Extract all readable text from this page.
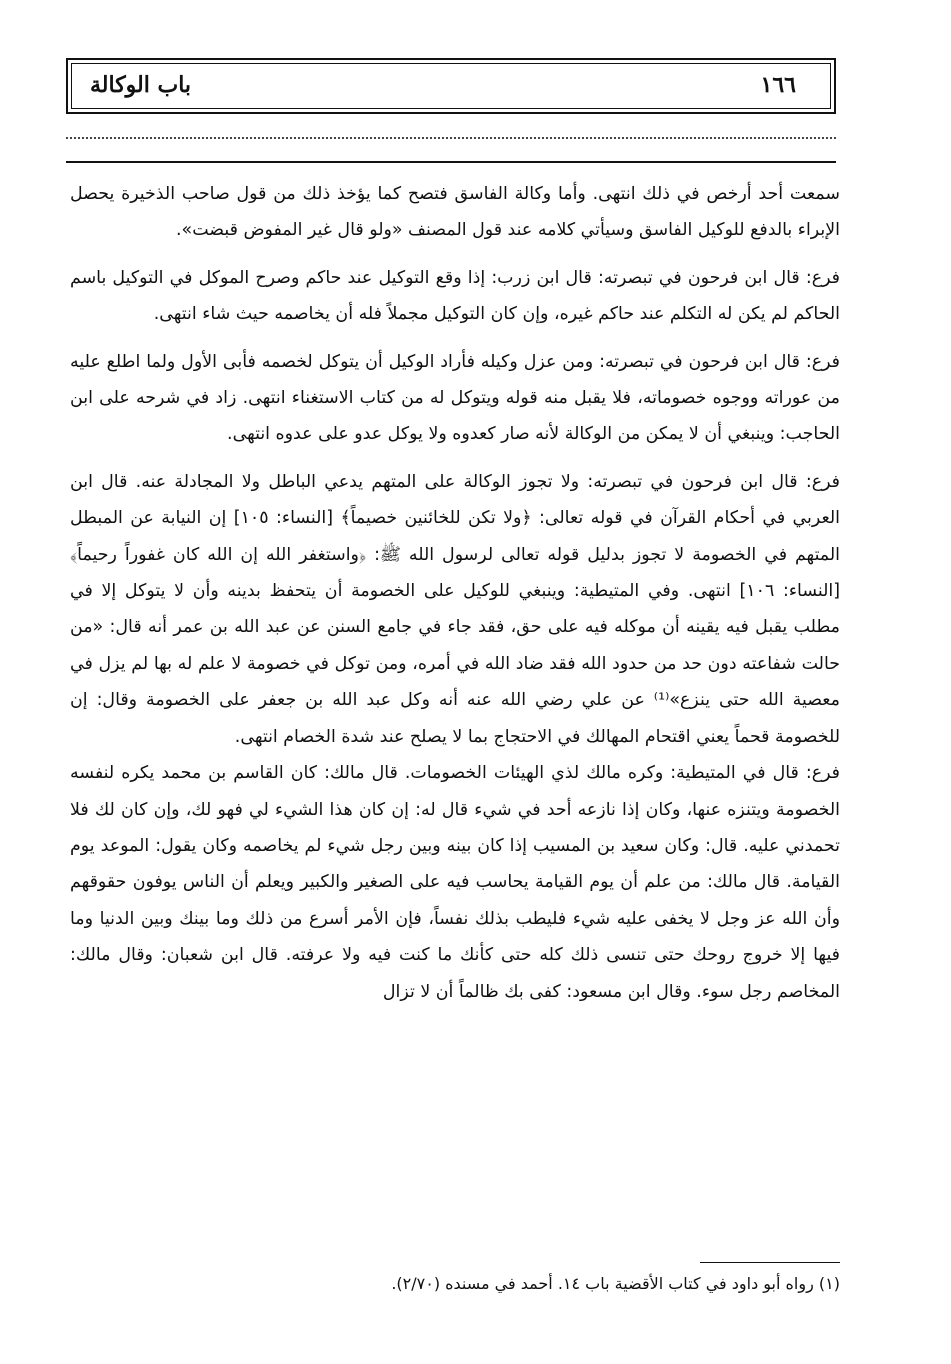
١٦٦
باب الوكالة

سمعت أحد أرخص في ذلك انتهى. وأما وكالة الفاسق فتصح كما يؤخذ ذلك من قول صاحب الذخيرة يحصل الإبراء بالدفع للوكيل الفاسق وسيأتي كلامه عند قول المصنف «ولو قال غير المفوض قبضت».

فرع: قال ابن فرحون في تبصرته: قال ابن زرب: إذا وقع التوكيل عند حاكم وصرح الموكل في التوكيل باسم الحاكم لم يكن له التكلم عند حاكم غيره، وإن كان التوكيل مجملاً فله أن يخاصمه حيث شاء انتهى.

فرع: قال ابن فرحون في تبصرته: ومن عزل وكيله فأراد الوكيل أن يتوكل لخصمه فأبى الأول ولما اطلع عليه من عوراته ووجوه خصوماته، فلا يقبل منه قوله ويتوكل له من كتاب الاستغناء انتهى. زاد في شرحه على ابن الحاجب: وينبغي أن لا يمكن من الوكالة لأنه صار كعدوه ولا يوكل عدو على عدوه انتهى.

فرع: قال ابن فرحون في تبصرته: ولا تجوز الوكالة على المتهم يدعي الباطل ولا المجادلة عنه. قال ابن العربي في أحكام القرآن في قوله تعالى: ﴿ولا تكن للخائنين خصيماً﴾ [النساء: ١٠٥] إن النيابة عن المبطل المتهم في الخصومة لا تجوز بدليل قوله تعالى لرسول الله ﷺ: ﴿واستغفر الله إن الله كان غفوراً رحيماً﴾ [النساء: ١٠٦] انتهى. وفي المتيطية: وينبغي للوكيل على الخصومة أن يتحفظ بدينه وأن لا يتوكل إلا في مطلب يقبل فيه يقينه أن موكله فيه على حق، فقد جاء في جامع السنن عن عبد الله بن عمر أنه قال: «من حالت شفاعته دون حد من حدود الله فقد ضاد الله في أمره، ومن توكل في خصومة لا علم له بها لم يزل في معصية الله حتى ينزع»⁽¹⁾ عن علي رضي الله عنه أنه وكل عبد الله بن جعفر على الخصومة وقال: إن للخصومة قحماً يعني اقتحام المهالك في الاحتجاج بما لا يصلح عند شدة الخصام انتهى.

فرع: قال في المتيطية: وكره مالك لذي الهيئات الخصومات. قال مالك: كان القاسم بن محمد يكره لنفسه الخصومة ويتنزه عنها، وكان إذا نازعه أحد في شيء قال له: إن كان هذا الشيء لي فهو لك، وإن كان لك فلا تحمدني عليه. قال: وكان سعيد بن المسيب إذا كان بينه وبين رجل شيء لم يخاصمه وكان يقول: الموعد يوم القيامة. قال مالك: من علم أن يوم القيامة يحاسب فيه على الصغير والكبير ويعلم أن الناس يوفون حقوقهم وأن الله عز وجل لا يخفى عليه شيء فليطب بذلك نفساً، فإن الأمر أسرع من ذلك وما بينك وبين الدنيا وما فيها إلا خروج روحك حتى تنسى ذلك كله حتى كأنك ما كنت فيه ولا عرفته. قال ابن شعبان: وقال مالك: المخاصم رجل سوء. وقال ابن مسعود: كفى بك ظالماً أن لا تزال

(١) رواه أبو داود في كتاب الأقضية باب ١٤. أحمد في مسنده (٢/٧٠).
